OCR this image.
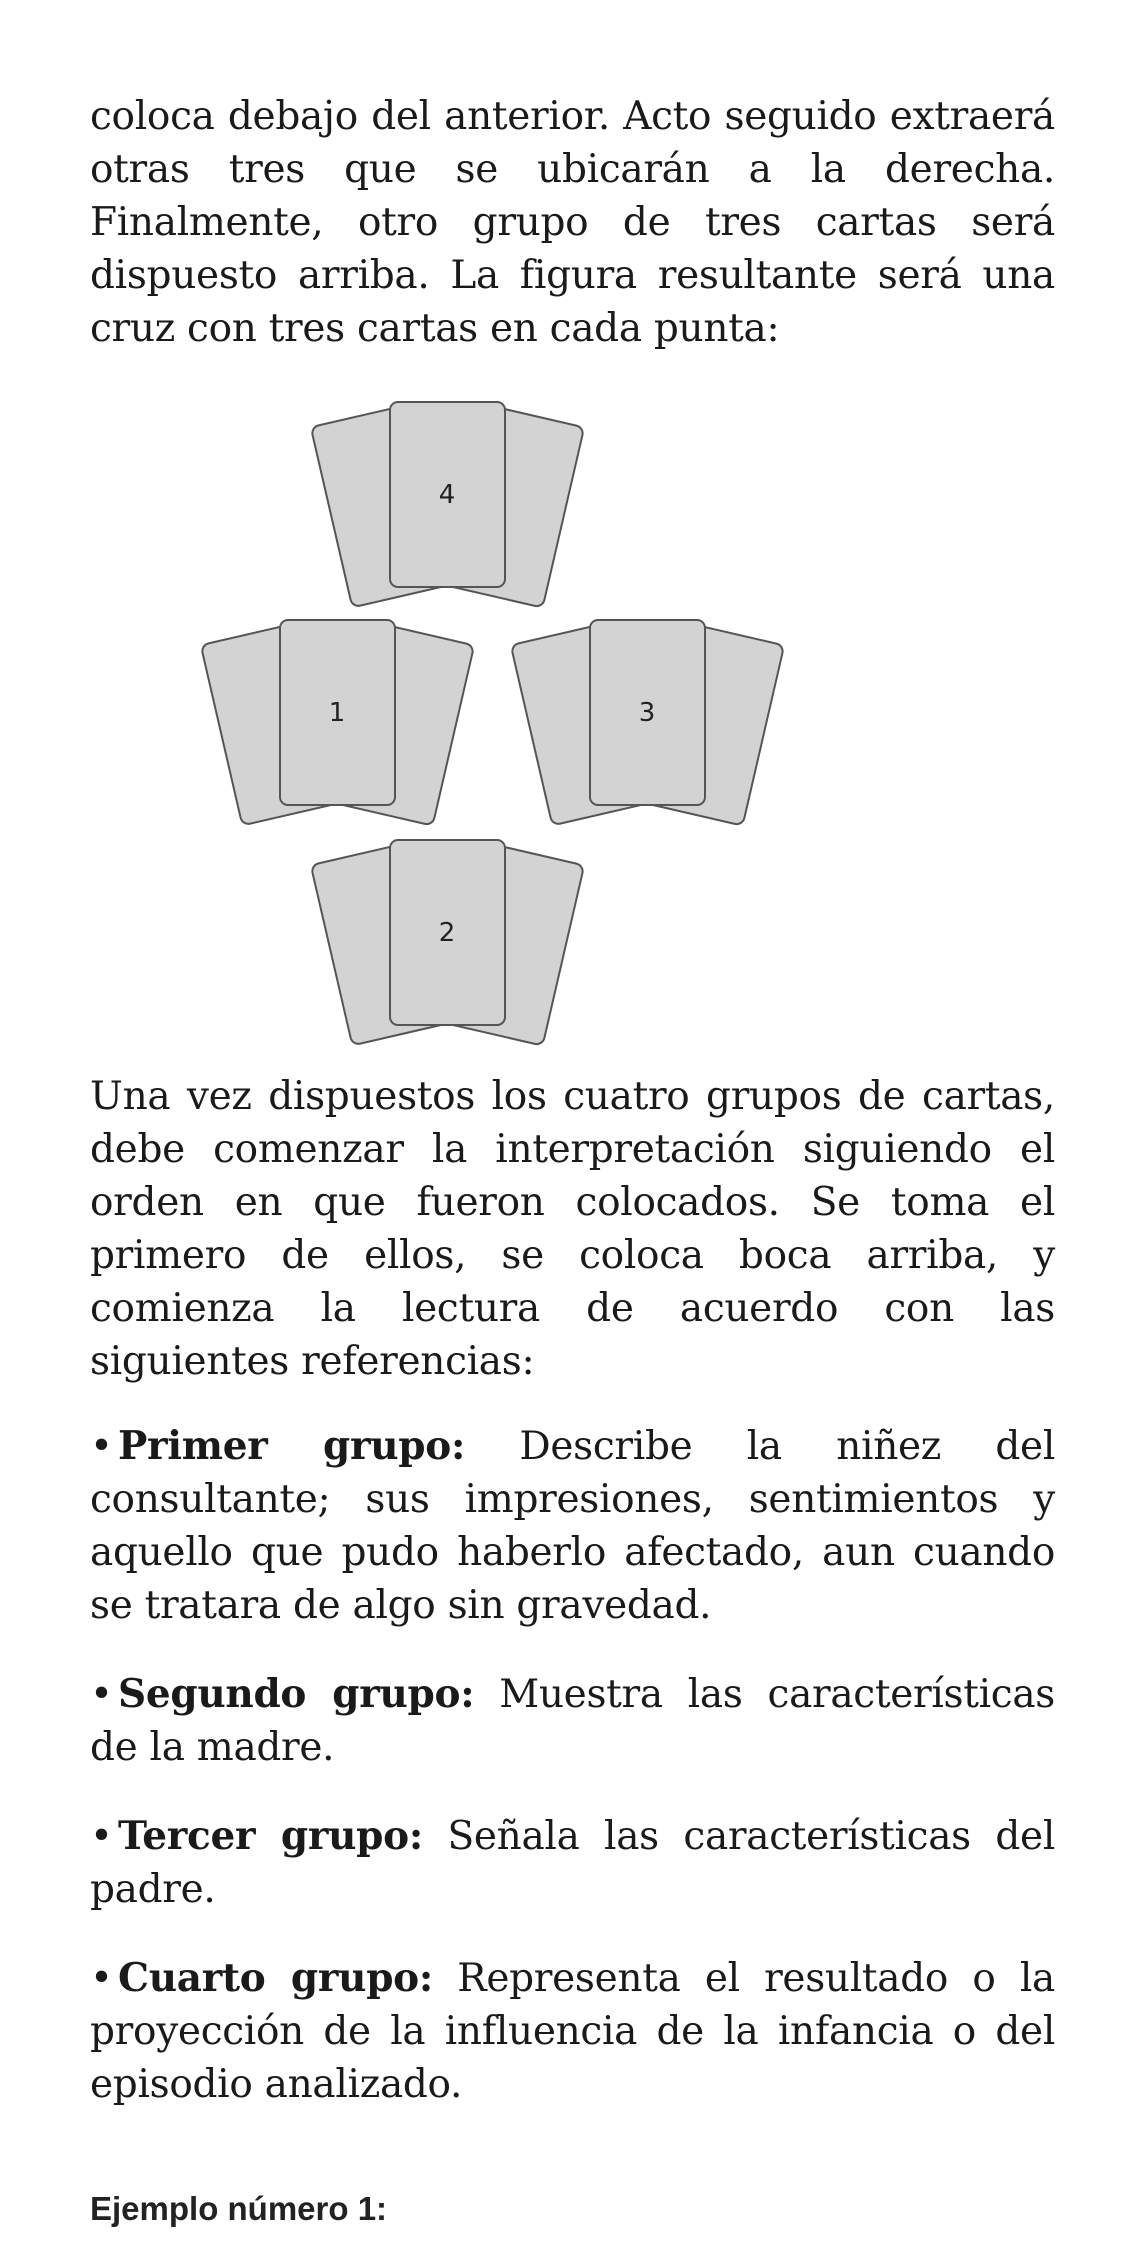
coloca debajo del anterior. Acto seguido extraerá otras tres que se ubicarán a la derecha. Finalmente, otro grupo de tres cartas será dispuesto arriba. La figura resultante será una cruz con tres cartas en cada punta:

4
1	3
2

Una vez dispuestos los cuatro grupos de cartas, debe comenzar la interpretación siguiendo el orden en que fueron colocados. Se toma el primero de ellos, se coloca boca arriba, y comienza la lectura de acuerdo con las siguientes referencias:

• Primer grupo: Describe la niñez del consultante; sus impresiones, sentimientos y aquello que pudo haberlo afectado, aun cuando se tratara de algo sin gravedad.

• Segundo grupo: Muestra las características de la madre.

• Tercer grupo: Señala las características del padre.

• Cuarto grupo: Representa el resultado o la proyección de la influencia de la infancia o del episodio analizado.

Ejemplo número 1:
